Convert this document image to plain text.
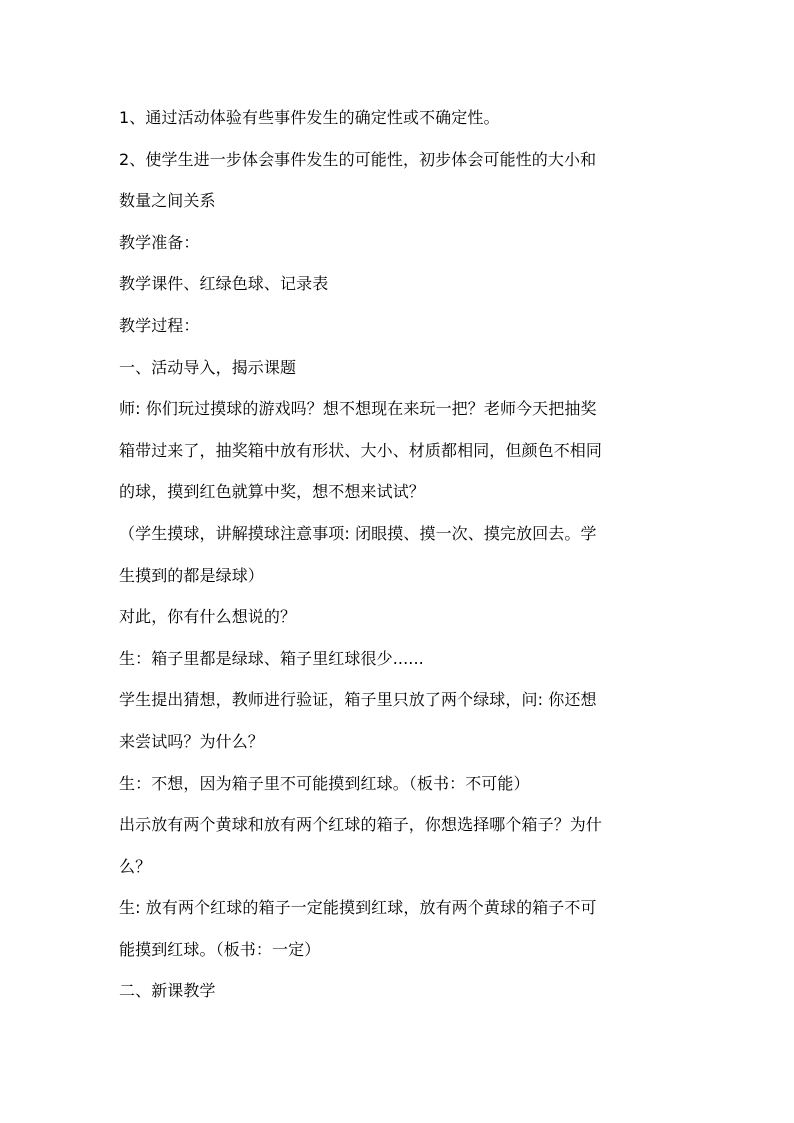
1、通过活动体验有些事件发生的确定性或不确定性。
2、使学生进一步体会事件发生的可能性，初步体会可能性的大小和
数量之间关系
教学准备：
教学课件、红绿色球、记录表
教学过程：
一、活动导入，揭示课题
师: 你们玩过摸球的游戏吗？想不想现在来玩一把？老师今天把抽奖
箱带过来了，抽奖箱中放有形状、大小、材质都相同，但颜色不相同
的球，摸到红色就算中奖，想不想来试试？
（学生摸球，讲解摸球注意事项: 闭眼摸、摸一次、摸完放回去。学
生摸到的都是绿球）
对此，你有什么想说的？
生：箱子里都是绿球、箱子里红球很少......
学生提出猜想，教师进行验证，箱子里只放了两个绿球，问: 你还想
来尝试吗？为什么？
生：不想，因为箱子里不可能摸到红球。（板书：不可能）
出示放有两个黄球和放有两个红球的箱子，你想选择哪个箱子？为什
么？
生: 放有两个红球的箱子一定能摸到红球，放有两个黄球的箱子不可
能摸到红球。（板书：一定）
二、新课教学
